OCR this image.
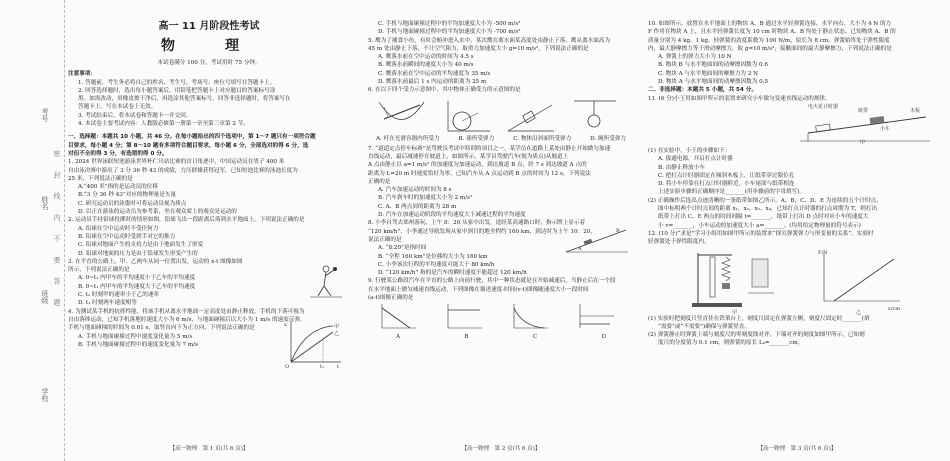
考号
姓名
班级
学校
密 封 线 内 不 要 答 题
高一 11 月阶段性考试
物　理

本试卷满分 100 分，考试用时 75 分钟。

注意事项：

1. 答题前，考生务必将自己的姓名、考生号、考场号、座位号填写在答题卡上。

2. 回答选择题时，选出每小题答案后，用铅笔把答题卡上对应题目的答案标号涂

黑。如需改动，用橡皮擦干净后，再选涂其他答案标号。回答非选择题时，将答案写在

答题卡上。写在本试卷上无效。

3. 考试结束后，将本试卷和答题卡一并交回。

4. 本试卷主要考试内容：人教版必修第一册第一章至第三章第 2 节。

一、选择题：本题共 10 小题，共 46 分。在每小题给出的四个选项中，第 1～7 题只有一项符合题

目要求，每小题 4 分；第 8～10 题有多项符合题目要求，每小题 6 分，全部选对的得 6 分，选

对但不全的得 3 分，有选错的得 0 分。

1. 2024 世界泳联短池游泳世界杯仁川站比赛的首日角逐中，中国运动员在男子 400 米

自由泳决赛中游出了 3 分 36 秒 43 的成绩，力压群雄获得冠军。已知短池比赛的泳池长度为

25 米，下列说法正确的是

A.“400 米”指的是运动员的位移

B.“3 分 36 秒 43”对应的物理量是矢量

C. 研究运动员的泳姿时可将运动员视为质点

D. 以正在游泳的运动员为参考系，坐在观众席上的观众是运动的

2. 运动员手持铅球投掷时的情形如图，铅球飞出一段距离后落到水平地面上。下列说法正确的是

A. 铅球在空中运动时不受任何力

B. 铅球在空中运动时受到手对它的推力

C. 铅球对地面产生的支持力是由于地面发生了形变

D. 铅球对地面的压力是由于铅球发生形变产生的

3. 在平直的公路上，甲、乙两车从同一位置出发，运动的 x-t 图像如图

所示，下列说法正确的是

A. 0~t₁ 内甲车的平均速度小于乙车的平均速度

B. 0~t₁ 内甲车的平均速度大于乙车的平均速度

C. t₁ 时刻甲的速率小于乙的速率

D. t₁ 时刻两车速度相等

4. 为测试某手机的抗摔性能，将该手机从离水平地面一定高度处由静止释放，手机的下落可视为

自由落体运动，已知手机落地时速度大小为 6 m/s，与地面碰撞后以大小为 1 m/s 的速度反弹，

手机与地面碰撞的时间为 0.01 s，取竖直向下为正方向，下列说法正确的是

A. 手机与地面碰撞过程中速度变化量为 5 m/s

B. 手机与地面碰撞过程中的速度变化量为 7 m/s

x
t
O	t₁
甲
乙
【高一物理　第 1 页(共 6 页)】

C. 手机与地面碰撞过程中的平均加速度大小为 -500 m/s²

D. 手机与地面碰撞过程中的平均加速度大小为 -700 m/s²

5. 鹰为了捕食小鱼，有时会俯冲进入水中，某次鹰在离水面某高度处由静止下落，鹰从离水面高为

45 m 处由静止下落，不计空气阻力，取重力加速度大小 g=10 m/s²，下列说法正确的是

A. 鹰落水前在空中运动的时间为 4.5 s

B. 鹰落水前瞬间的速度大小为 40 m/s

C. 鹰落水前在空中运动的平均速度为 35 m/s

D. 鹰落水前最后 1 s 内运动的距离为 25 m

6. 在以下四个受力示意图中，其中物体正确受力的示意图的是

A. 杆在光滑容器内所受力	B. 球所受弹力	C. 物体沿斜面所受弹力	D. 绳所受弹力

7. “道道定点停车标赛”是驾驶员考试中特训的项目之一。某学员在道路上某处由静止开始做匀加速

直线运动，最后减速停在坡道上，如图所示，某学员驾驶汽车(视为质点)从坡道上

A 点由静止以 a=1 m/s² 的加速度匀加速运动，到达坡道 B 点，经 7 s 到达坡道 A 点的

距离为 L=20 m 时速度恰好为零，已知汽车从 A 点运动到 B 点的时间为 12 s，下列说法

正确的是

A. 汽车加速运动的时间为 8 s

B. 汽车刹车时的加速度大小为 2 m/s²

C. A、B 两点间的距离为 28 m

D. 汽车在加速运动阶段的平均速度大于减速过程的平均速度

8. 小李自驾去郑州游玩，上午 8：20 从家中出发，途经某高速路口时，指示牌上显示着

“120 km/h”，小李通过导航发现从家中到目的地全程约 160 km，到达时为上午 10：20，

说法正确的是

A. “8:20”是指时间

B. “全程 160 km”是位移的大小为 160 km

C. 小李该次行程的平均速度可能大于 80 km/h

D. “120 km/h” 指的是汽车的瞬时速度不能超过 120 km/h

9. 行驶某公路段汽车在平直的公路上向前行驶，其中一种状态就是在开始减速后，当静止后在一个段

在水平地面上做匀减速直线运动，下列图像在描述速度-时间(v-t)图像随速度大小一段时间

(a-t)图像正确的是

A	B	C	D
A
B
【高一物理　第 2 页(共 6 页)】

10. 如图所示，放置在水平地面上的物块 A、B 通过水平轻弹簧连接，水平向右、大小为 4 N 的力

F 作用在物块 A 上，且水平轻弹簧长度为 10 cm 时物块 A、B 均处于静止状态。已知物块 A、B 的

质量分别为 4 kg、1 kg，轻弹簧的劲度系数为 100 N/m，原长为 8 cm，弹簧始终处于弹性限度

内，最大静摩擦力等于滑动摩擦力，取 g=10 m/s²，接触面间的最大静摩擦力，下列说法正确的是

A. 弹簧上的弹力大小为 10 N

B. 物块 B 与水平地面间的动摩擦因数为 0.6

C. 物块 A 与水平地面间的摩擦力为 2 N

D. 物块 A 与水平地面间的动摩擦因数为 0.5

二、非选择题：本题共 5 小题，共 54 分。

11. (6 分)小王用如图甲所示的装置来研究小车做匀变速直线运动的规律。

电火花计时器
纸带
小车
木板
甲

(1) 在实验中，小王的步骤如下：

A. 拔通电源，开启打点计时器

B. 由静止释放小车

C. 把打点计时器固定在倾斜木板上，让纸带穿过限位孔

D. 将小车停靠在打点计时器附近，小车尾部与纸带相连

上述实验步骤的正确顺序是_______(用步骤前的字母填写)。

(2) 正确操作后选出点迹清晰的一条纸带如图乙所示，A、B、C、D、E 为连续的五个计时点，

图中标明两个计时点间的距离 x₁、x₂、x₃、x₄，已知打点计时器的打点周期为 T，则打出

纸带上打出 C、E 两点的时间间隔 t=_______，纸带上打出 D 点时对应小车的速度大

小 v=_______，小车运动的加速度大小 a=_______。(均用给定物理量的符号表示)

12. (10 分)“求是”学习小组用如图甲所示的装置来“探究弹簧弹力与形变量的关系”，实验时

轻弹簧处于弹性限度内。

F/N
x/cm
甲	乙

(1) 实验时把刻度尺竖直挂在铁架台上，刻度尺固定在弹簧左侧，刻度尺固定时_______(填

“需要”或“不需要”)确保与弹簧竖直。

(2) 弹簧静止时弹簧上端与刻度尺的零刻度线对齐，下端对齐的刻度如图甲所示，已知刻

度尺的分度值为 0.1 cm，则弹簧的原长 L₀=_______cm。

【高一物理　第 3 页(共 6 页)】
